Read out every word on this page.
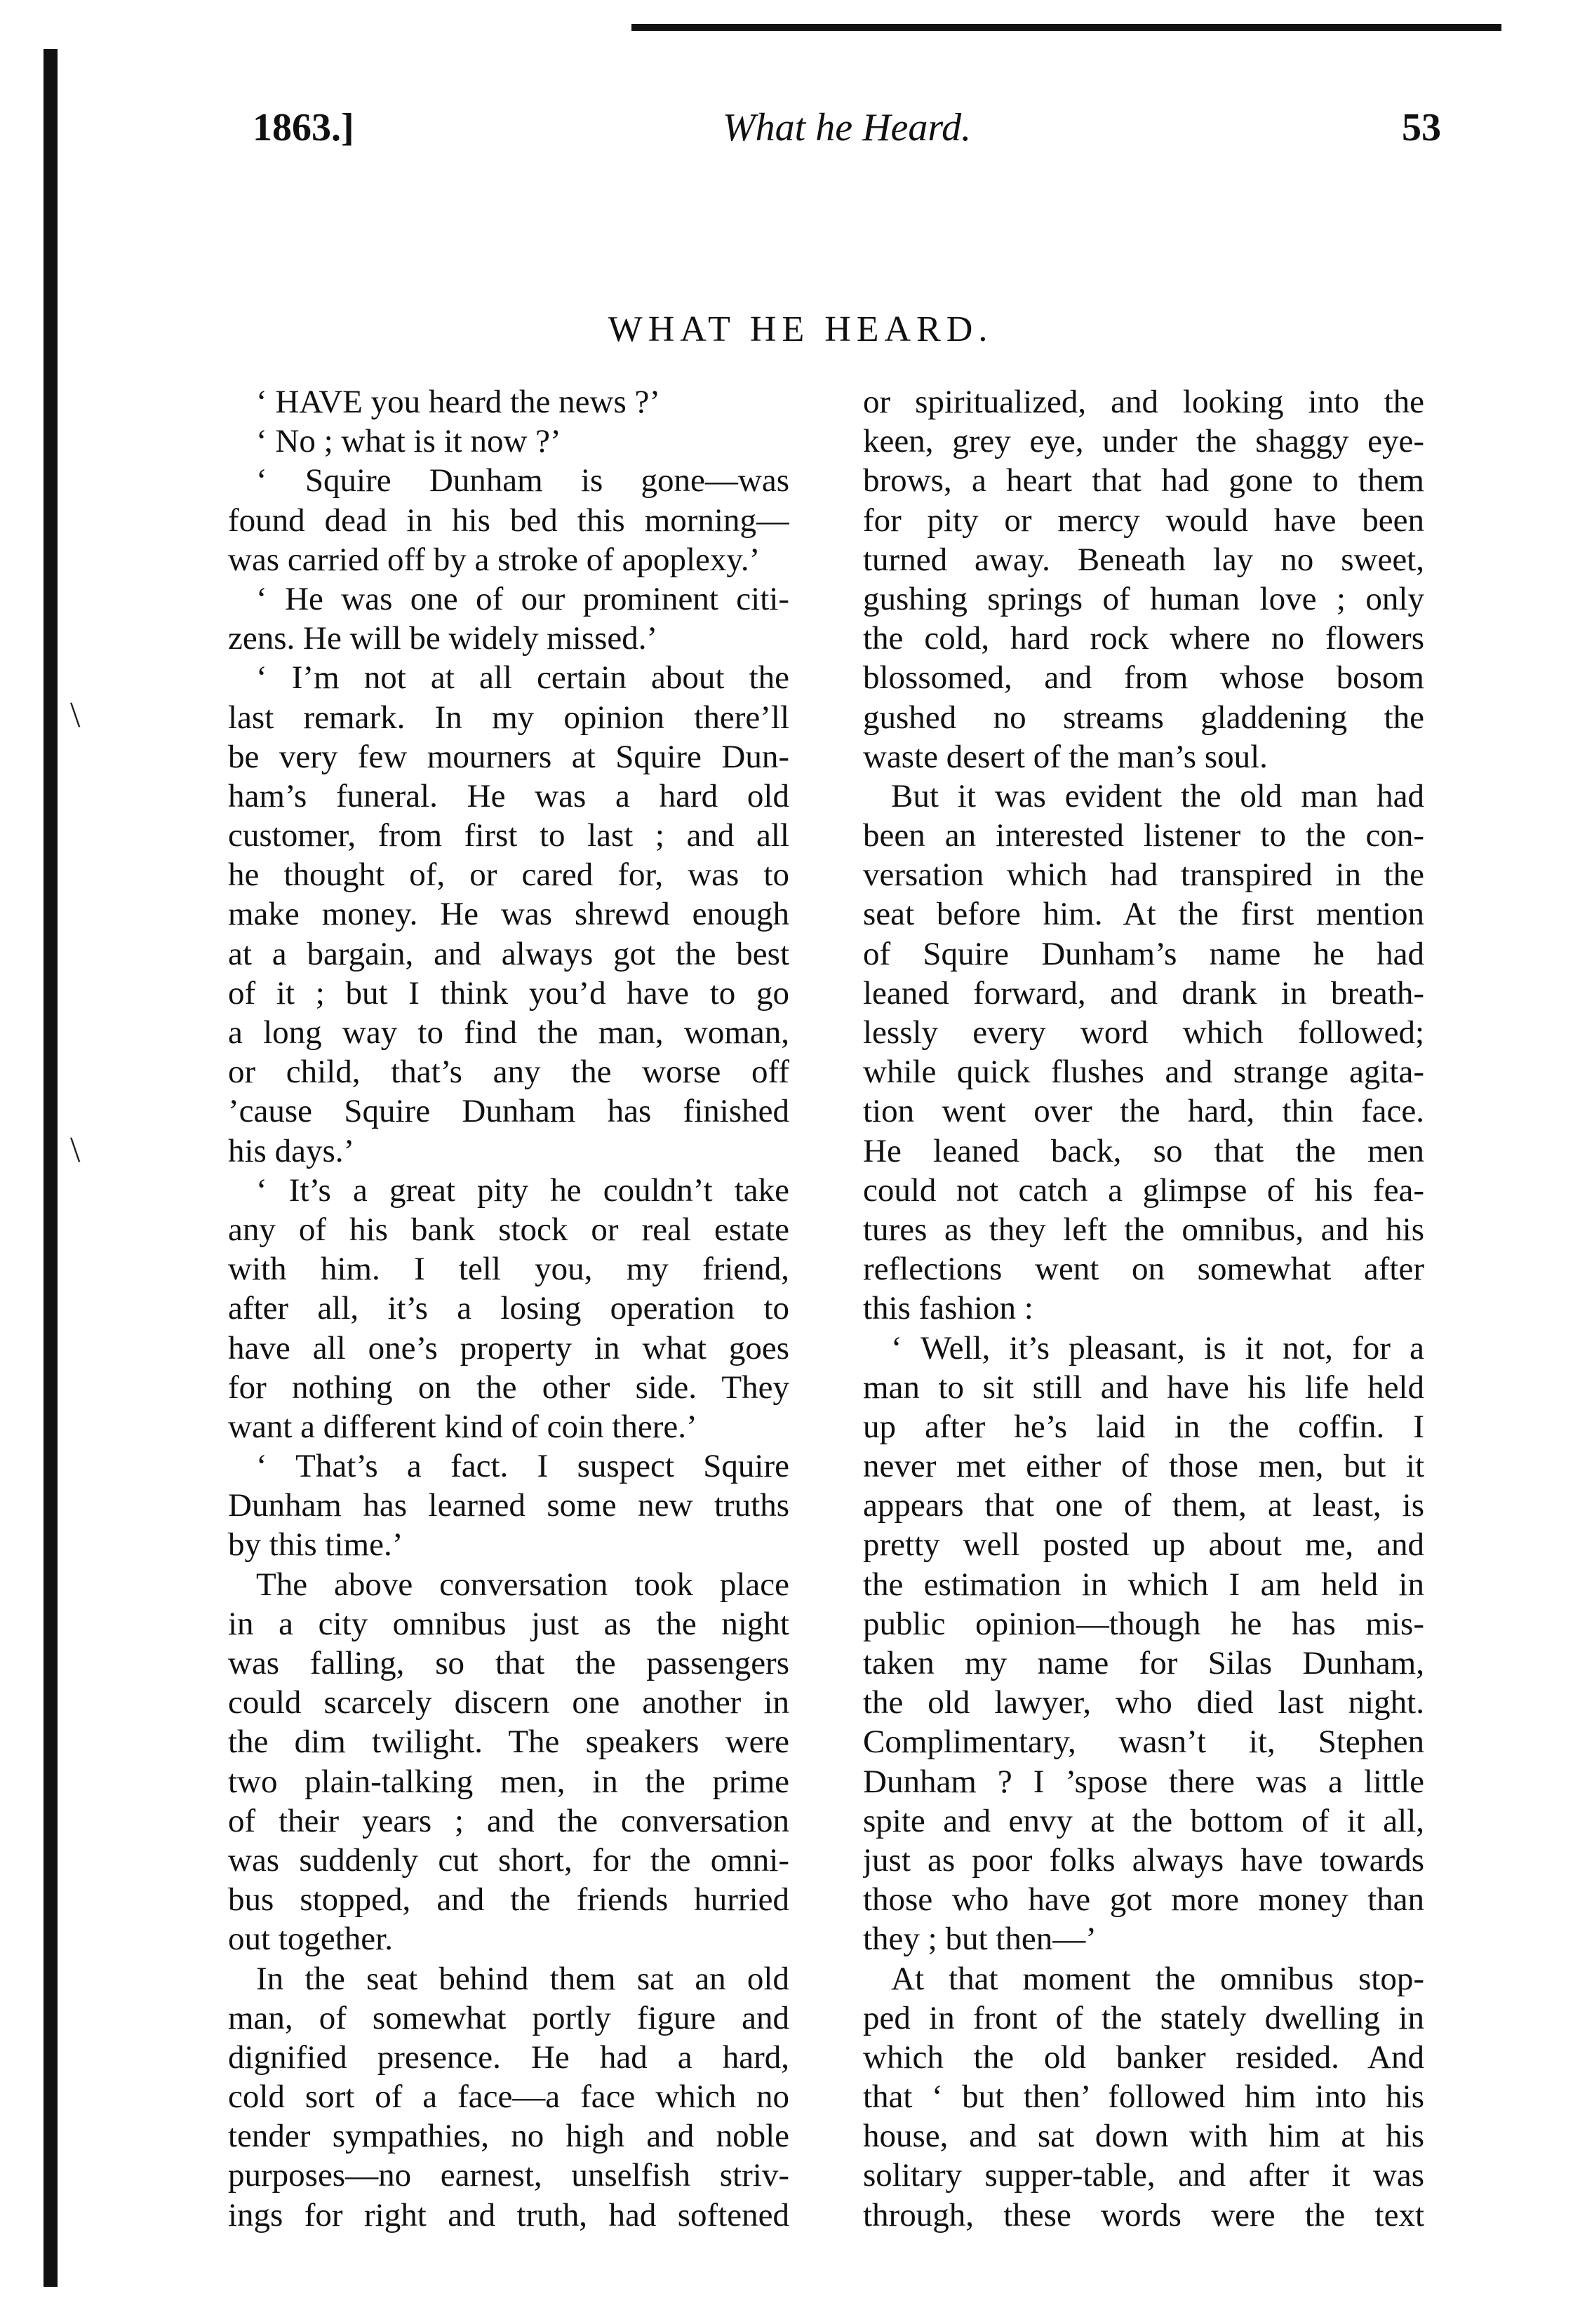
\
\
1863.]	What he Heard.	53
WHAT HE HEARD.
‘ HAVE you heard the news ?’
‘ No ; what is it now ?’
‘ Squire Dunham is gone—was
found dead in his bed this morning—
was carried off by a stroke of apoplexy.’
‘ He was one of our prominent citi-
zens. He will be widely missed.’
‘ I’m not at all certain about the
last remark. In my opinion there’ll
be very few mourners at Squire Dun-
ham’s funeral. He was a hard old
customer, from first to last ; and all
he thought of, or cared for, was to
make money. He was shrewd enough
at a bargain, and always got the best
of it ; but I think you’d have to go
a long way to find the man, woman,
or child, that’s any the worse off
’cause Squire Dunham has finished
his days.’
‘ It’s a great pity he couldn’t take
any of his bank stock or real estate
with him. I tell you, my friend,
after all, it’s a losing operation to
have all one’s property in what goes
for nothing on the other side. They
want a different kind of coin there.’
‘ That’s a fact. I suspect Squire
Dunham has learned some new truths
by this time.’
The above conversation took place
in a city omnibus just as the night
was falling, so that the passengers
could scarcely discern one another in
the dim twilight. The speakers were
two plain-talking men, in the prime
of their years ; and the conversation
was suddenly cut short, for the omni-
bus stopped, and the friends hurried
out together.
In the seat behind them sat an old
man, of somewhat portly figure and
dignified presence. He had a hard,
cold sort of a face—a face which no
tender sympathies, no high and noble
purposes—no earnest, unselfish striv-
ings for right and truth, had softened
or spiritualized, and looking into the
keen, grey eye, under the shaggy eye-
brows, a heart that had gone to them
for pity or mercy would have been
turned away. Beneath lay no sweet,
gushing springs of human love ; only
the cold, hard rock where no flowers
blossomed, and from whose bosom
gushed no streams gladdening the
waste desert of the man’s soul.
But it was evident the old man had
been an interested listener to the con-
versation which had transpired in the
seat before him. At the first mention
of Squire Dunham’s name he had
leaned forward, and drank in breath-
lessly every word which followed;
while quick flushes and strange agita-
tion went over the hard, thin face.
He leaned back, so that the men
could not catch a glimpse of his fea-
tures as they left the omnibus, and his
reflections went on somewhat after
this fashion :
‘ Well, it’s pleasant, is it not, for a
man to sit still and have his life held
up after he’s laid in the coffin. I
never met either of those men, but it
appears that one of them, at least, is
pretty well posted up about me, and
the estimation in which I am held in
public opinion—though he has mis-
taken my name for Silas Dunham,
the old lawyer, who died last night.
Complimentary, wasn’t it, Stephen
Dunham ? I ’spose there was a little
spite and envy at the bottom of it all,
just as poor folks always have towards
those who have got more money than
they ; but then—’
At that moment the omnibus stop-
ped in front of the stately dwelling in
which the old banker resided. And
that ‘ but then’ followed him into his
house, and sat down with him at his
solitary supper-table, and after it was
through, these words were the text
